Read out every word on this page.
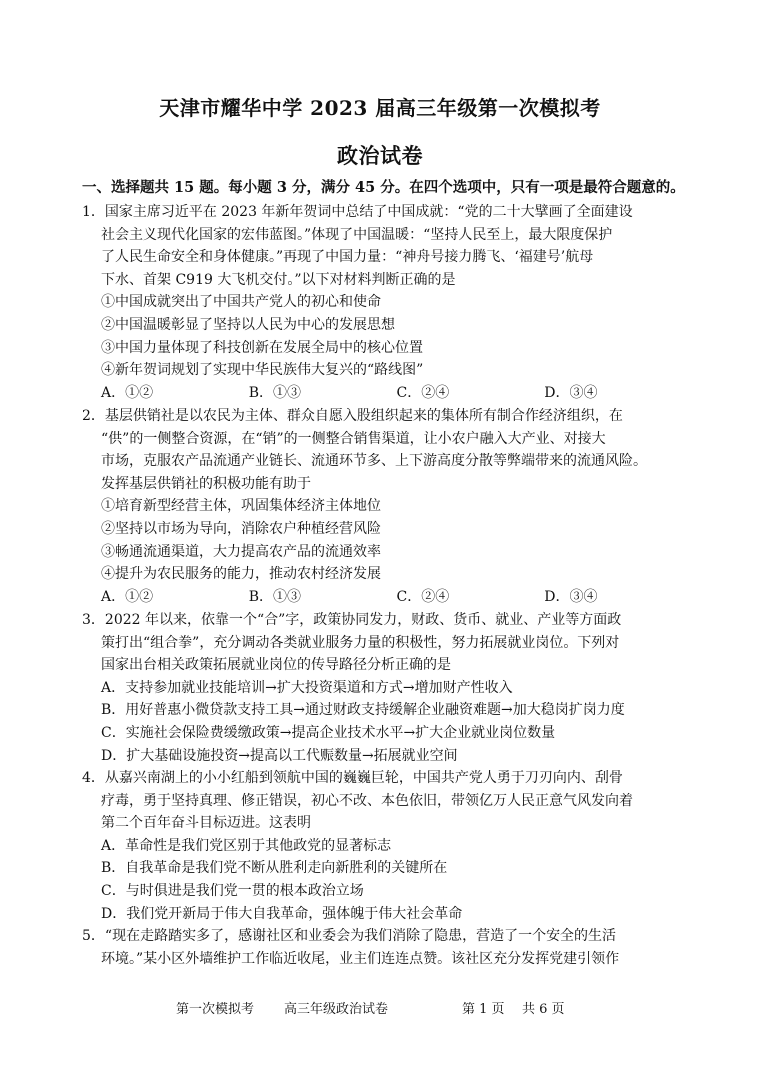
天津市耀华中学 2023 届高三年级第一次模拟考
政治试卷
一、选择题共 15 题。每小题 3 分，满分 45 分。在四个选项中，只有一项是最符合题意的。
1．国家主席习近平在 2023 年新年贺词中总结了中国成就：“党的二十大擘画了全面建设
社会主义现代化国家的宏伟蓝图。”体现了中国温暖：“坚持人民至上，最大限度保护
了人民生命安全和身体健康。”再现了中国力量：“神舟号接力腾飞、‘福建号’航母
下水、首架 C919 大飞机交付。”以下对材料判断正确的是
①中国成就突出了中国共产党人的初心和使命
②中国温暖彰显了坚持以人民为中心的发展思想
③中国力量体现了科技创新在发展全局中的核心位置
④新年贺词规划了实现中华民族伟大复兴的“路线图”
A．①②	B．①③	C．②④	D．③④
2．基层供销社是以农民为主体、群众自愿入股组织起来的集体所有制合作经济组织，在
“供”的一侧整合资源，在“销”的一侧整合销售渠道，让小农户融入大产业、对接大
市场，克服农产品流通产业链长、流通环节多、上下游高度分散等弊端带来的流通风险。
发挥基层供销社的积极功能有助于
①培育新型经营主体，巩固集体经济主体地位
②坚持以市场为导向，消除农户种植经营风险
③畅通流通渠道，大力提高农产品的流通效率
④提升为农民服务的能力，推动农村经济发展
A．①②	B．①③	C．②④	D．③④
3．2022 年以来，依靠一个“合”字，政策协同发力，财政、货币、就业、产业等方面政
策打出“组合拳”，充分调动各类就业服务力量的积极性，努力拓展就业岗位。下列对
国家出台相关政策拓展就业岗位的传导路径分析正确的是
A．支持参加就业技能培训→扩大投资渠道和方式→增加财产性收入
B．用好普惠小微贷款支持工具→通过财政支持缓解企业融资难题→加大稳岗扩岗力度
C．实施社会保险费缓缴政策→提高企业技术水平→扩大企业就业岗位数量
D．扩大基础设施投资→提高以工代赈数量→拓展就业空间
4．从嘉兴南湖上的小小红船到领航中国的巍巍巨轮，中国共产党人勇于刀刃向内、刮骨
疗毒，勇于坚持真理、修正错误，初心不改、本色依旧，带领亿万人民正意气风发向着
第二个百年奋斗目标迈进。这表明
A．革命性是我们党区别于其他政党的显著标志
B．自我革命是我们党不断从胜利走向新胜利的关键所在
C．与时俱进是我们党一贯的根本政治立场
D．我们党开新局于伟大自我革命，强体魄于伟大社会革命
5．“现在走路踏实多了，感谢社区和业委会为我们消除了隐患，营造了一个安全的生活
环境。”某小区外墙维护工作临近收尾，业主们连连点赞。该社区充分发挥党建引领作
第一次模拟考 高三年级政治试卷	第 1 页 共 6 页
